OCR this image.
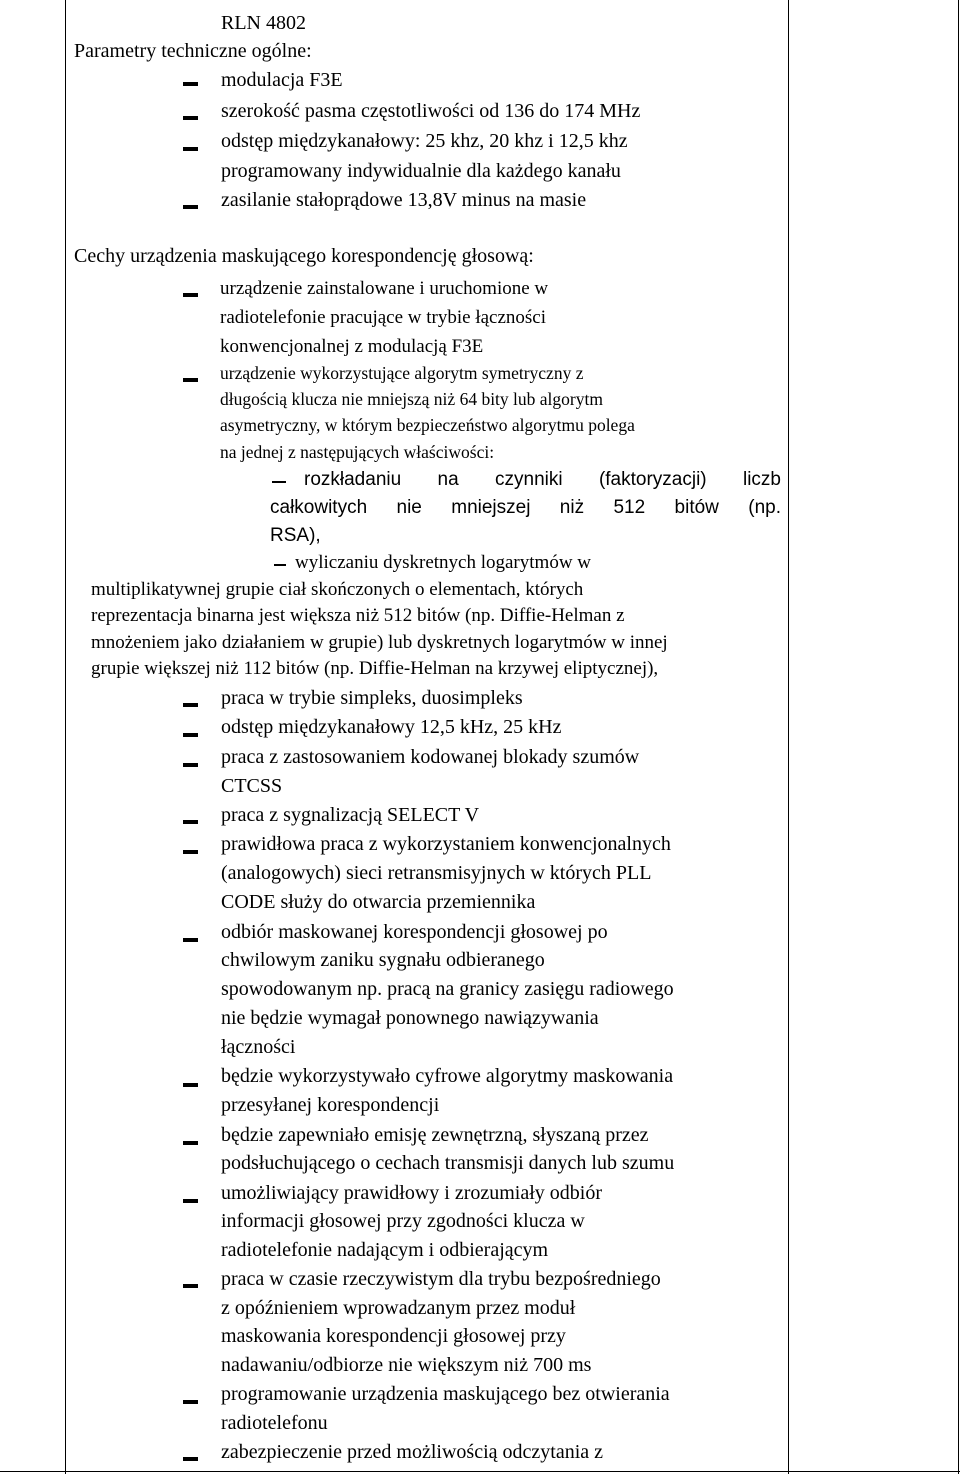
RLN 4802
Parametry techniczne ogólne:
modulacja F3E
szerokość pasma częstotliwości od 136 do 174 MHz
odstęp międzykanałowy: 25 khz, 20 khz i 12,5 khz
programowany indywidualnie dla każdego kanału
zasilanie stałoprądowe 13,8V minus na masie
Cechy urządzenia maskującego korespondencję głosową:
urządzenie zainstalowane i uruchomione w
radiotelefonie pracujące w trybie łączności
konwencjonalnej z modulacją F3E
urządzenie wykorzystujące algorytm symetryczny z
długością klucza nie mniejszą niż 64 bity lub algorytm
asymetryczny, w którym bezpieczeństwo algorytmu polega
na jednej z następujących właściwości:
rozkładaniu na czynniki (faktoryzacji) liczb
całkowitych nie mniejszej niż 512 bitów (np.
RSA),
wyliczaniu dyskretnych logarytmów w
multiplikatywnej grupie ciał skończonych o elementach, których
reprezentacja binarna jest większa niż 512 bitów (np. Diffie-Helman z
mnożeniem jako działaniem w grupie) lub dyskretnych logarytmów w innej
grupie większej niż 112 bitów (np. Diffie-Helman na krzywej eliptycznej),
praca w trybie simpleks, duosimpleks
odstęp międzykanałowy 12,5 kHz, 25 kHz
praca z zastosowaniem kodowanej blokady szumów
CTCSS
praca z sygnalizacją SELECT V
prawidłowa praca z wykorzystaniem konwencjonalnych
(analogowych) sieci retransmisyjnych w których PLL
CODE służy do otwarcia przemiennika
odbiór maskowanej korespondencji głosowej po
chwilowym zaniku sygnału odbieranego
spowodowanym np. pracą na granicy zasięgu radiowego
nie będzie wymagał ponownego nawiązywania
łączności
będzie wykorzystywało cyfrowe algorytmy maskowania
przesyłanej korespondencji
będzie zapewniało emisję zewnętrzną, słyszaną przez
podsłuchującego o cechach transmisji danych lub szumu
umożliwiający prawidłowy i zrozumiały odbiór
informacji głosowej przy zgodności klucza w
radiotelefonie nadającym i odbierającym
praca w czasie rzeczywistym dla trybu bezpośredniego
z opóźnieniem wprowadzanym przez moduł
maskowania korespondencji głosowej przy
nadawaniu/odbiorze nie większym niż 700 ms
programowanie urządzenia maskującego bez otwierania
radiotelefonu
zabezpieczenie przed możliwością odczytania z
